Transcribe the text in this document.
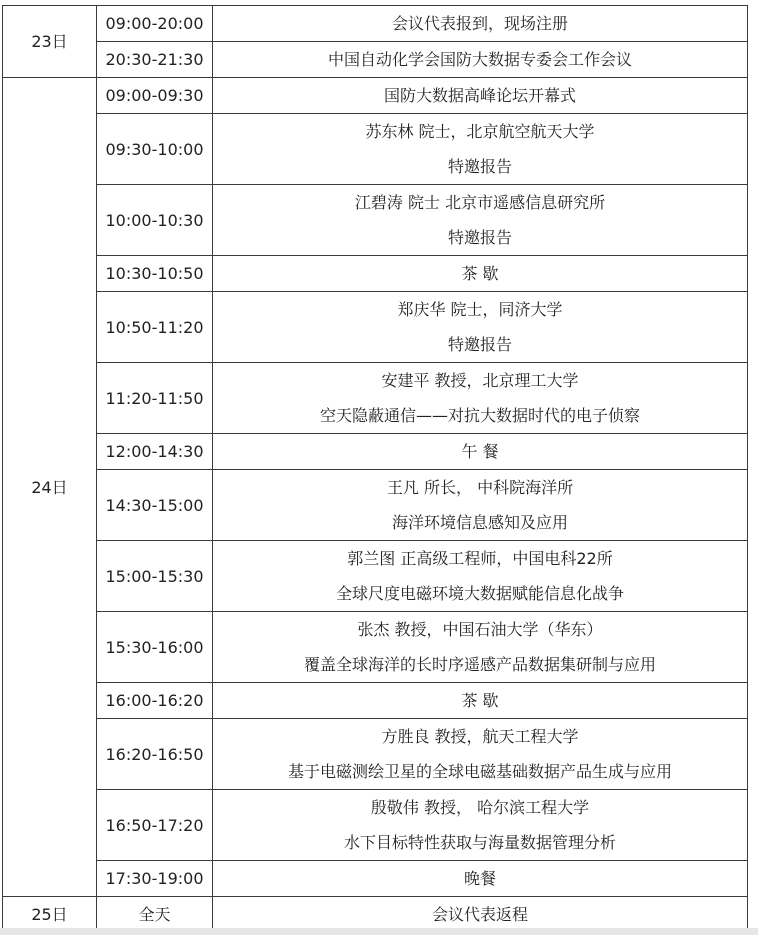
23日	09:00-20:00	会议代表报到，现场注册

	20:30-21:30	中国自动化学会国防大数据专委会工作会议

24日	09:00-09:30	国防大数据高峰论坛开幕式

	09:30-10:00	苏东林 院士，北京航空航天大学
特邀报告

	10:00-10:30	江碧涛 院士 北京市遥感信息研究所
特邀报告

	10:30-10:50	茶 歇

	10:50-11:20	郑庆华 院士，同济大学
特邀报告

	11:20-11:50	安建平 教授，北京理工大学
空天隐蔽通信——对抗大数据时代的电子侦察

	12:00-14:30	午 餐

	14:30-15:00	王凡 所长， 中科院海洋所
海洋环境信息感知及应用

	15:00-15:30	郭兰图 正高级工程师，中国电科22所
全球尺度电磁环境大数据赋能信息化战争

	15:30-16:00	张杰 教授，中国石油大学（华东）
覆盖全球海洋的长时序遥感产品数据集研制与应用

	16:00-16:20	茶 歇

	16:20-16:50	方胜良 教授，航天工程大学
基于电磁测绘卫星的全球电磁基础数据产品生成与应用

	16:50-17:20	殷敬伟 教授， 哈尔滨工程大学
水下目标特性获取与海量数据管理分析

	17:30-19:00	晚餐

25日	全天	会议代表返程
